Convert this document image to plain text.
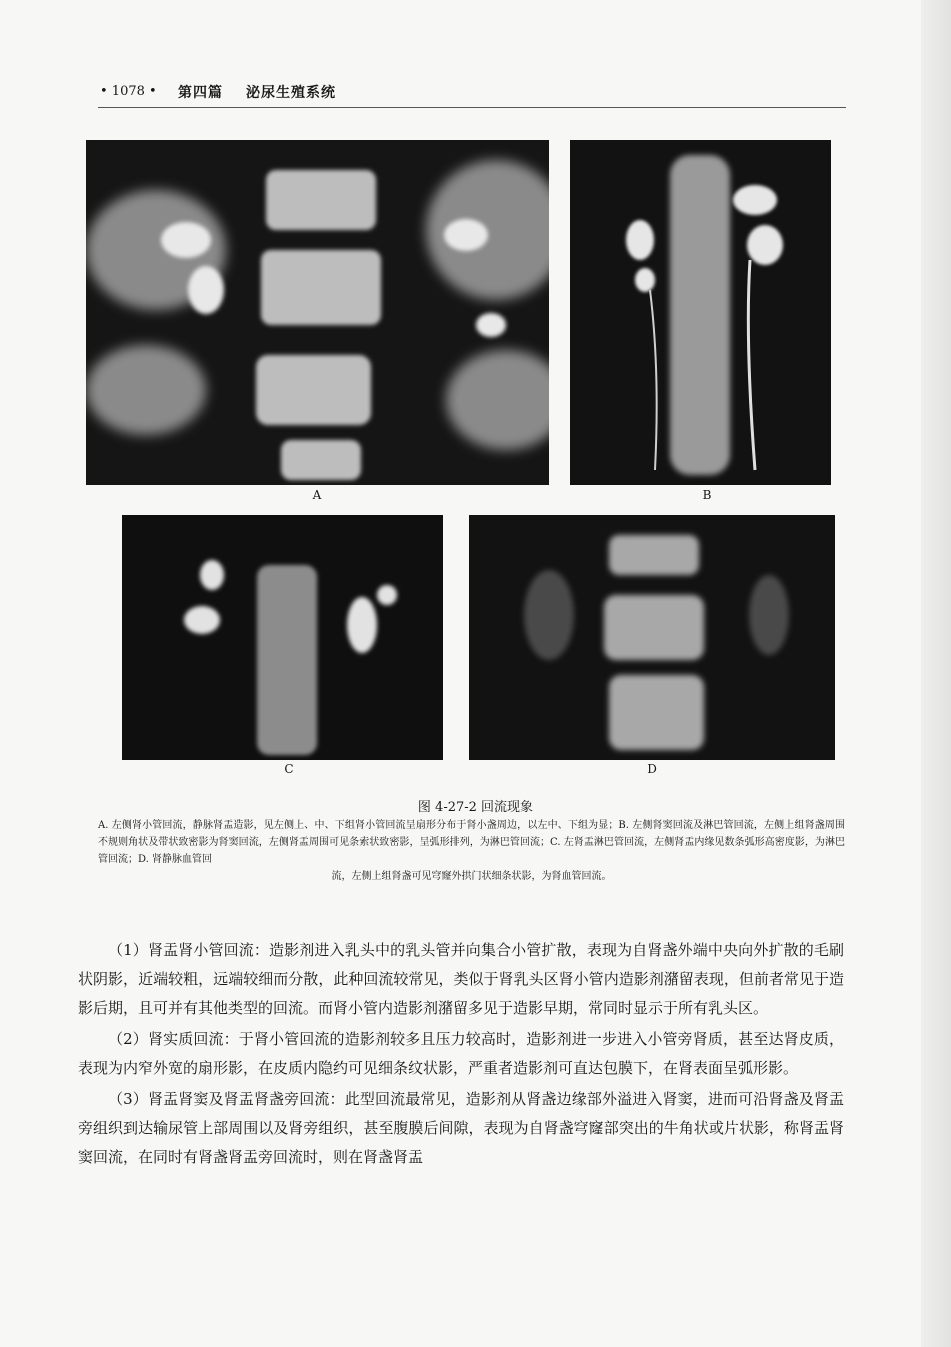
• 1078 • 第四篇 泌尿生殖系统
A	B
C	D
图 4-27-2 回流现象
A. 左侧肾小管回流，静脉肾盂造影，见左侧上、中、下组肾小管回流呈扇形分布于肾小盏周边，以左中、下组为显；B. 左侧肾窦回流及淋巴管回流，左侧上组肾盏周围不规则角状及带状致密影为肾窦回流，左侧肾盂周围可见条索状致密影，呈弧形排列，为淋巴管回流；C. 左肾盂淋巴管回流，左侧肾盂内缘见数条弧形高密度影，为淋巴管回流；D. 肾静脉血管回
流，左侧上组肾盏可见穹窿外拱门状细条状影，为肾血管回流。

（1）肾盂肾小管回流：造影剂进入乳头中的乳头管并向集合小管扩散，表现为自肾盏外端中央向外扩散的毛刷状阴影，近端较粗，远端较细而分散，此种回流较常见，类似于肾乳头区肾小管内造影剂潴留表现，但前者常见于造影后期，且可并有其他类型的回流。而肾小管内造影剂潴留多见于造影早期，常同时显示于所有乳头区。

（2）肾实质回流：于肾小管回流的造影剂较多且压力较高时，造影剂进一步进入小管旁肾质，甚至达肾皮质，表现为内窄外宽的扇形影，在皮质内隐约可见细条纹状影，严重者造影剂可直达包膜下，在肾表面呈弧形影。

（3）肾盂肾窦及肾盂肾盏旁回流：此型回流最常见，造影剂从肾盏边缘部外溢进入肾窦，进而可沿肾盏及肾盂旁组织到达输尿管上部周围以及肾旁组织，甚至腹膜后间隙，表现为自肾盏穹窿部突出的牛角状或片状影，称肾盂肾窦回流，在同时有肾盏肾盂旁回流时，则在肾盏肾盂
